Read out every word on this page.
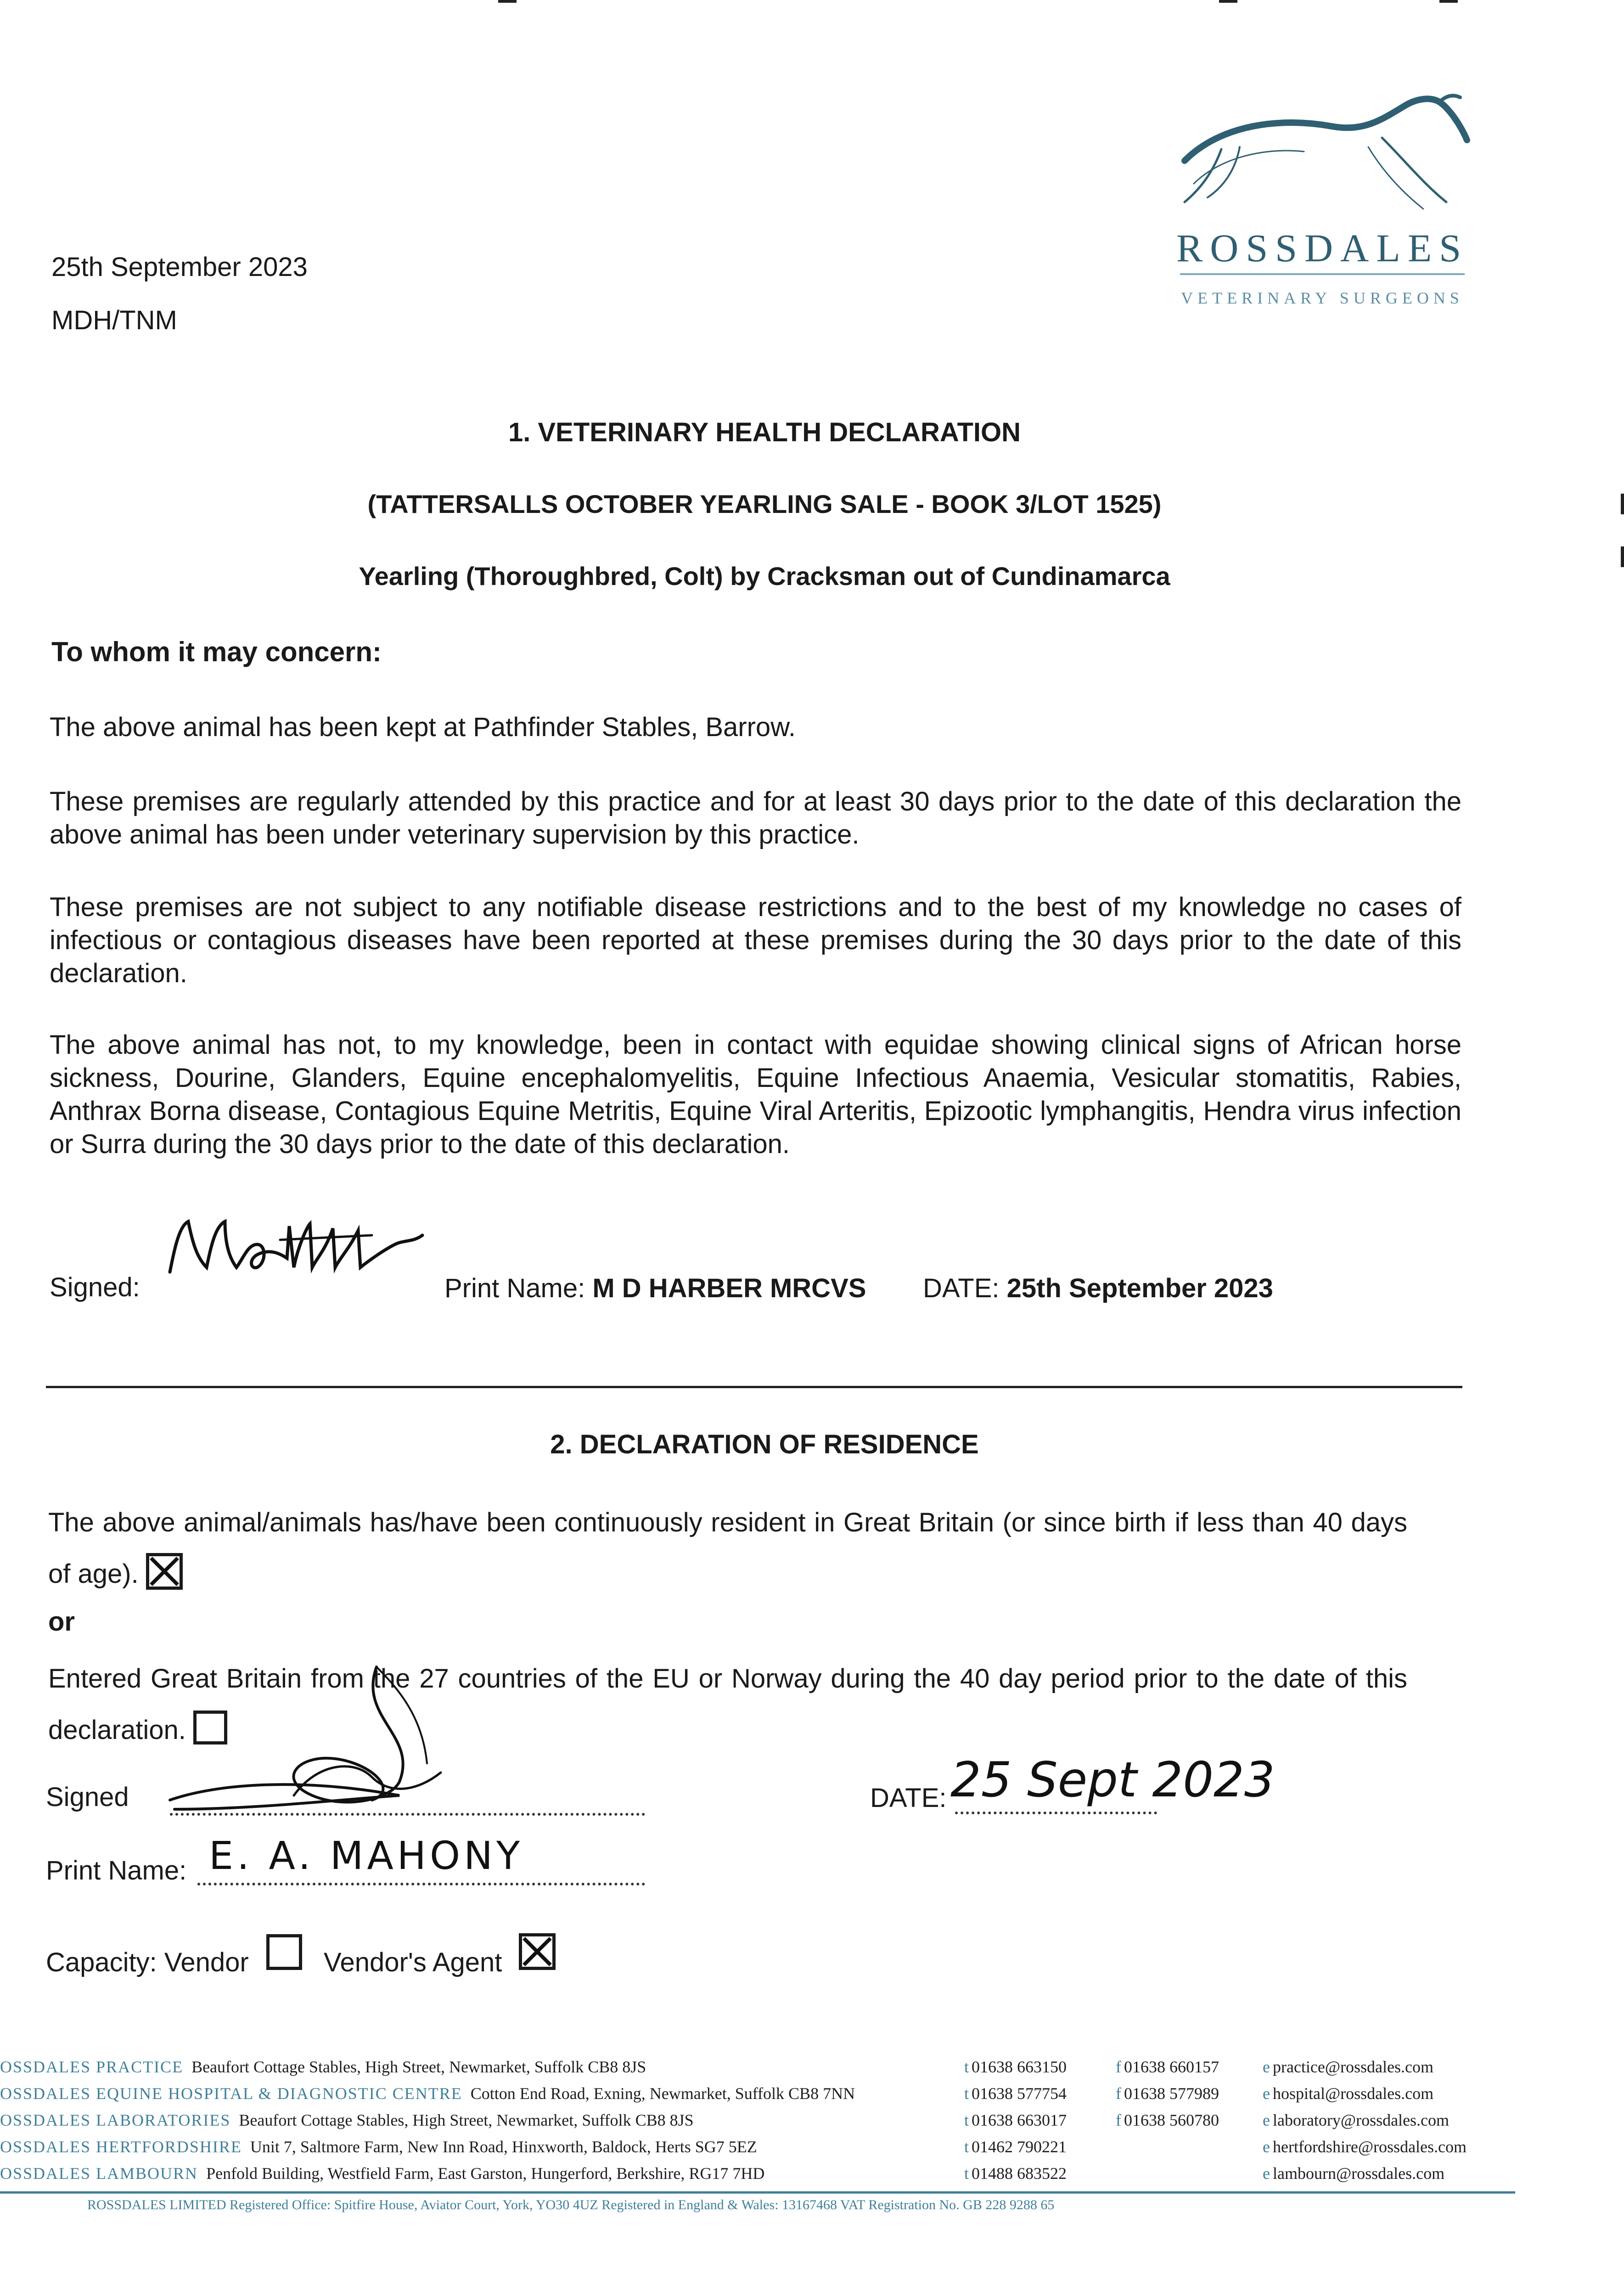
ROSSDALES
VETERINARY SURGEONS
25th September 2023
MDH/TNM
1. VETERINARY HEALTH DECLARATION
(TATTERSALLS OCTOBER YEARLING SALE - BOOK 3/LOT 1525)
Yearling (Thoroughbred, Colt) by Cracksman out of Cundinamarca
To whom it may concern:
The above animal has been kept at Pathfinder Stables, Barrow.
These premises are regularly attended by this practice and for at least 30 days prior to the date of this declaration the above animal has been under veterinary supervision by this practice.
These premises are not subject to any notifiable disease restrictions and to the best of my knowledge no cases of infectious or contagious diseases have been reported at these premises during the 30 days prior to the date of this declaration.
The above animal has not, to my knowledge, been in contact with equidae showing clinical signs of African horse sickness, Dourine, Glanders, Equine encephalomyelitis, Equine Infectious Anaemia, Vesicular stomatitis, Rabies, Anthrax Borna disease, Contagious Equine Metritis, Equine Viral Arteritis, Epizootic lymphangitis, Hendra virus infection or Surra during the 30 days prior to the date of this declaration.
Signed:	Print Name: M D HARBER MRCVS DATE: 25th September 2023
2. DECLARATION OF RESIDENCE
The above animal/animals has/have been continuously resident in Great Britain (or since birth if less than 40 days of age).
or
Entered Great Britain from the 27 countries of the EU or Norway during the 40 day period prior to the date of this declaration.
Signed	DATE: 25 Sept 2023
Print Name: E. A. MAHONY
Capacity: Vendor	Vendor's Agent
OSSDALES PRACTICE Beaufort Cottage Stables, High Street, Newmarket, Suffolk CB8 8JS	t 01638 663150	f 01638 660157	e practice@rossdales.com
OSSDALES EQUINE HOSPITAL & DIAGNOSTIC CENTRE Cotton End Road, Exning, Newmarket, Suffolk CB8 7NN	t 01638 577754	f 01638 577989	e hospital@rossdales.com
OSSDALES LABORATORIES Beaufort Cottage Stables, High Street, Newmarket, Suffolk CB8 8JS	t 01638 663017	f 01638 560780	e laboratory@rossdales.com
OSSDALES HERTFORDSHIRE Unit 7, Saltmore Farm, New Inn Road, Hinxworth, Baldock, Herts SG7 5EZ	t 01462 790221	e hertfordshire@rossdales.com
OSSDALES LAMBOURN Penfold Building, Westfield Farm, East Garston, Hungerford, Berkshire, RG17 7HD	t 01488 683522	e lambourn@rossdales.com
ROSSDALES LIMITED Registered Office: Spitfire House, Aviator Court, York, YO30 4UZ Registered in England & Wales: 13167468 VAT Registration No. GB 228 9288 65
